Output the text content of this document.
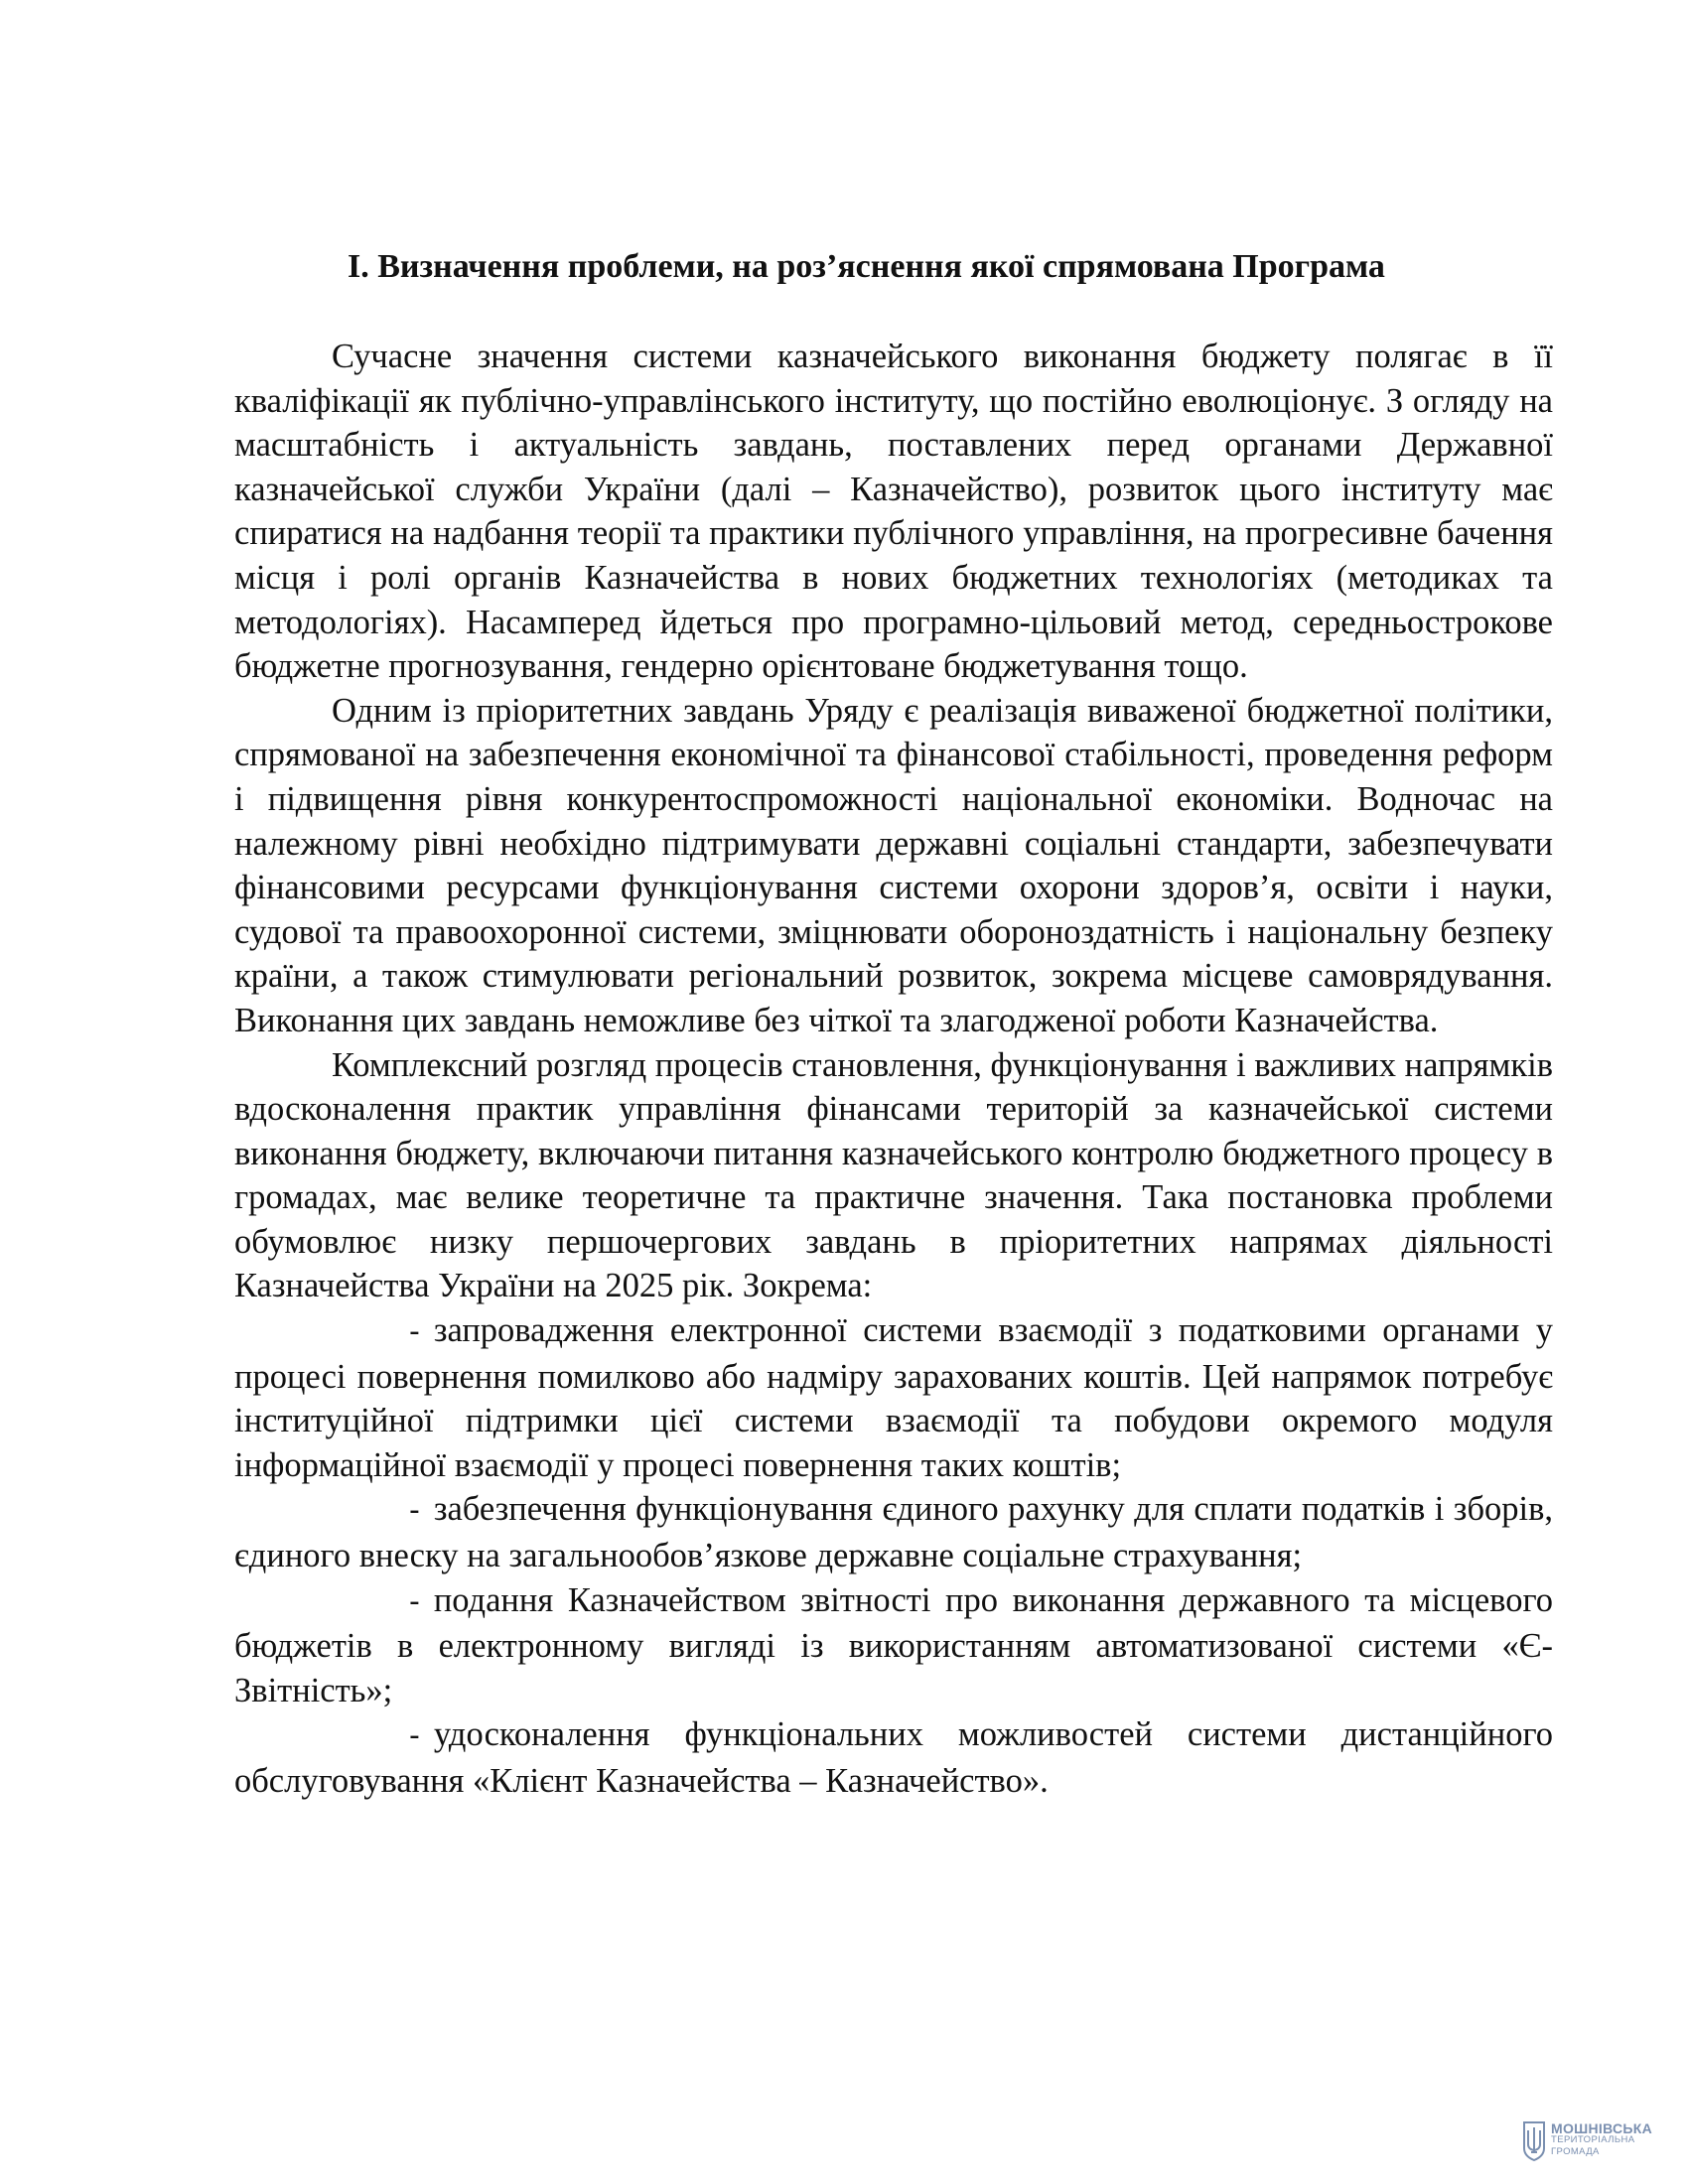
І. Визначення проблеми, на роз’яснення якої спрямована Програма

Сучасне значення системи казначейського виконання бюджету полягає в її кваліфікації як публічно-управлінського інституту, що постійно еволюціонує. З огляду на масштабність і актуальність завдань, поставлених перед органами Державної казначейської служби України (далі – Казначейство), розвиток цього інституту має спиратися на надбання теорії та практики публічного управління, на прогресивне бачення місця і ролі органів Казначейства в нових бюджетних технологіях (методиках та методологіях). Насамперед йдеться про програмно-цільовий метод, середньострокове бюджетне прогнозування, гендерно орієнтоване бюджетування тощо.

Одним із пріоритетних завдань Уряду є реалізація виваженої бюджетної політики, спрямованої на забезпечення економічної та фінансової стабільності, проведення реформ і підвищення рівня конкурентоспроможності національної економіки. Водночас на належному рівні необхідно підтримувати державні соціальні стандарти, забезпечувати фінансовими ресурсами функціонування системи охорони здоров’я, освіти і науки, судової та правоохоронної системи, зміцнювати обороноздатність і національну безпеку країни, а також стимулювати регіональний розвиток, зокрема місцеве самоврядування. Виконання цих завдань неможливе без чіткої та злагодженої роботи Казначейства.

Комплексний розгляд процесів становлення, функціонування і важливих напрямків вдосконалення практик управління фінансами територій за казначейської системи виконання бюджету, включаючи питання казначейського контролю бюджетного процесу в громадах, має велике теоретичне та практичне значення. Така постановка проблеми обумовлює низку першочергових завдань в пріоритетних напрямах діяльності Казначейства України на 2025 рік. Зокрема:

- запровадження електронної системи взаємодії з податковими органами у процесі повернення помилково або надміру зарахованих коштів. Цей напрямок потребує інституційної підтримки цієї системи взаємодії та побудови окремого модуля інформаційної взаємодії у процесі повернення таких коштів;

- забезпечення функціонування єдиного рахунку для сплати податків і зборів, єдиного внеску на загальнообов’язкове державне соціальне страхування;

- подання Казначейством звітності про виконання державного та місцевого бюджетів в електронному вигляді із використанням автоматизованої системи «Є-Звітність»;

- удосконалення функціональних можливостей системи дистанційного обслуговування «Клієнт Казначейства – Казначейство».

МОШНІВСЬКА
ТЕРИТОРІАЛЬНА
ГРОМАДА
